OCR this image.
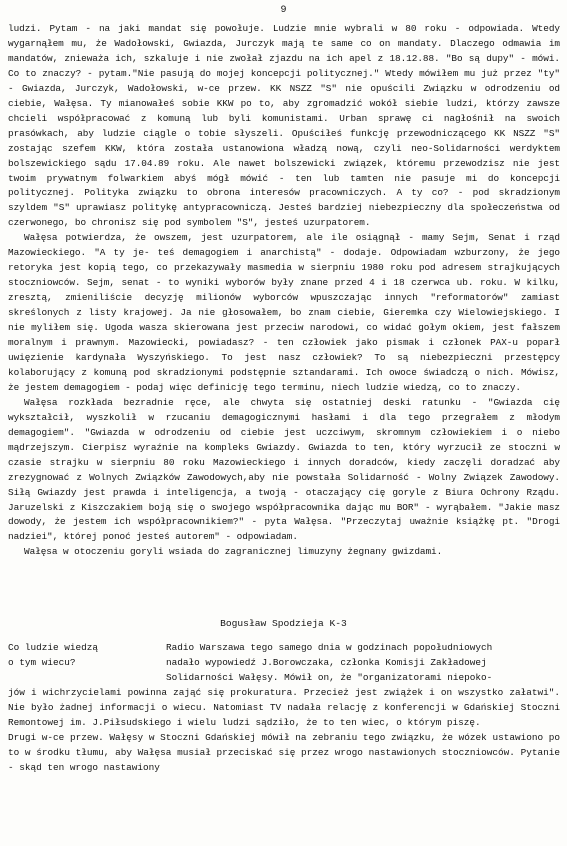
9

ludzi. Pytam - na jaki mandat się powołuje. Ludzie mnie wybrali w 80 roku - odpowiada. Wtedy wygarnąłem mu, że Wadołowski, Gwiazda, Jurczyk mają te same co on mandaty. Dlaczego odmawia im mandatów, znieważa ich, szkaluje i nie zwołał zjazdu na ich apel z 18.12.88. "Bo są dupy" - mówi. Co to znaczy? - pytam."Nie pasują do mojej koncepcji politycznej." Wtedy mówiłem mu już przez "ty" - Gwiazda, Jurczyk, Wadołowski, w-ce przew. KK NSZZ "S" nie opuścili Związku w odrodzeniu od ciebie, Wałęsa. Ty mianowałeś sobie KKW po to, aby zgromadzić wokół siebie ludzi, którzy zawsze chcieli współpracować z komuną lub byli komunistami. Urban sprawę ci nagłośnił na swoich prasówkach, aby ludzie ciągle o tobie słyszeli. Opuściłeś funkcję przewodniczącego KK NSZZ "S" zostając szefem KKW, która została ustanowiona władzą nową, czyli neo-Solidarności werdyktem bolszewickiego sądu 17.04.89 roku. Ale nawet bolszewicki związek, któremu przewodzisz nie jest twoim prywatnym folwarkiem abyś mógł mówić - ten lub tamten nie pasuje mi do koncepcji politycznej. Polityka związku to obrona interesów pracowniczych. A ty co? - pod skradzionym szyldem "S" uprawiasz politykę antypracowniczą. Jesteś bardziej niebezpieczny dla społeczeństwa od czerwonego, bo chronisz się pod symbolem "S", jesteś uzurpatorem.

Wałęsa potwierdza, że owszem, jest uzurpatorem, ale ile osiągnął - mamy Sejm, Senat i rząd Mazowieckiego. "A ty je- teś demagogiem i anarchistą" - dodaje. Odpowiadam wzburzony, że jego retoryka jest kopią tego, co przekazywały masmedia w sierpniu 1980 roku pod adresem strajkujących stoczniowców. Sejm, senat - to wyniki wyborów były znane przed 4 i 18 czerwca ub. roku. W kilku, zresztą, zmieniliście decyzję milionów wyborców wpuszczając innych "reformatorów" zamiast skreślonych z listy krajowej. Ja nie głosowałem, bo znam ciebie, Gieremka czy Wielowiejskiego. I nie myliłem się. Ugoda wasza skierowana jest przeciw narodowi, co widać gołym okiem, jest fałszem moralnym i prawnym. Mazowiecki, powiadasz? - ten człowiek jako pismak i członek PAX-u poparł uwięzienie kardynała Wyszyńskiego. To jest nasz człowiek? To są niebezpieczni przestępcy kolaborujący z komuną pod skradzionymi podstępnie sztandarami. Ich owoce świadczą o nich. Mówisz, że jestem demagogiem - podaj więc definicję tego terminu, niech ludzie wiedzą, co to znaczy.

Wałęsa rozkłada bezradnie ręce, ale chwyta się ostatniej deski ratunku - "Gwiazda cię wykształcił, wyszkolił w rzucaniu demagogicznymi hasłami i dla tego przegrałem z młodym demagogiem". "Gwiazda w odrodzeniu od ciebie jest uczciwym, skromnym człowiekiem i o niebo mądrzejszym. Cierpisz wyraźnie na kompleks Gwiazdy. Gwiazda to ten, który wyrzucił ze stoczni w czasie strajku w sierpniu 80 roku Mazowieckiego i innych doradców, kiedy zaczęli doradzać aby zrezygnować z Wolnych Związków Zawodowych,aby nie powstała Solidarność - Wolny Związek Zawodowy. Siłą Gwiazdy jest prawda i inteligencja, a twoją - otaczający cię goryle z Biura Ochrony Rządu. Jaruzelski z Kiszczakiem boją się o swojego współpracownika dając mu BOR" - wyrąbałem. "Jakie masz dowody, że jestem ich współpracownikiem?" - pyta Wałęsa. "Przeczytaj uważnie książkę pt. "Drogi nadziei", której ponoć jesteś autorem" - odpowiadam.

Wałęsa w otoczeniu goryli wsiada do zagranicznej limuzyny żegnany gwizdami.

Bogusław Spodzieja K-3
Co ludzie wiedzą
o tym wiecu?
Radio Warszawa tego samego dnia w godzinach popołudniowych
nadało wypowiedź J.Borowczaka, członka Komisji Zakładowej
Solidarności Wałęsy. Mówił on, że "organizatorami niepoko-

jów i wichrzycielami powinna zająć się prokuratura. Przecież jest zwiążek i on wszystko załatwi". Nie było żadnej informacji o wiecu. Natomiast TV nadała relację z konferencji w Gdańskiej Stoczni Remontowej im. J.Piłsudskiego i wielu ludzi sądziło, że to ten wiec, o którym piszę.

Drugi w-ce przew. Wałęsy w Stoczni Gdańskiej mówił na zebraniu tego związku, że wózek ustawiono po to w środku tłumu, aby Wałęsa musiał przeciskać się przez wrogo nastawionych stoczniowców. Pytanie - skąd ten wrogo nastawiony
